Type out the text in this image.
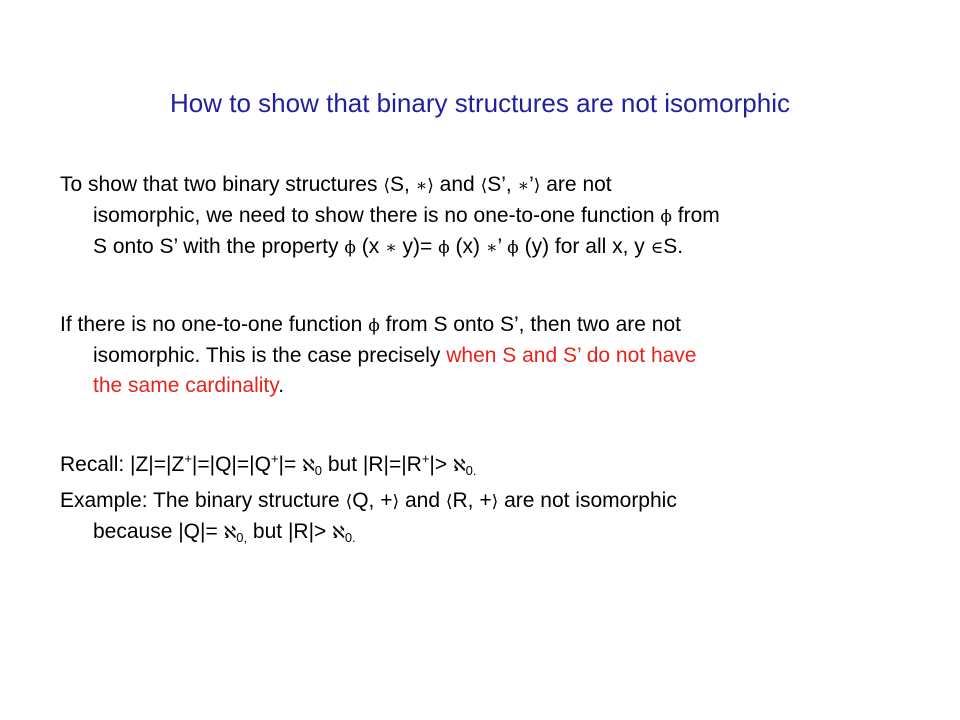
How to show that binary structures are not isomorphic
To show that two binary structures ⟨S, ∗⟩ and ⟨S’, ∗’⟩ are not
isomorphic, we need to show there is no one-to-one function ϕ from
S onto S’ with the property ϕ (x ∗ y)= ϕ (x) ∗’ ϕ (y) for all x, y ∈S.
If there is no one-to-one function ϕ from S onto S’, then two are not
isomorphic. This is the case precisely when S and S’ do not have
the same cardinality.
Recall: |Z|=|Z+|=|Q|=|Q+|= ℵ$_0$ but |R|=|R+|> ℵ$_{0.}$
Example: The binary structure ⟨Q, +⟩ and ⟨R, +⟩ are not isomorphic
because |Q|= ℵ$_{0,}$ but |R|> ℵ$_{0.}$
